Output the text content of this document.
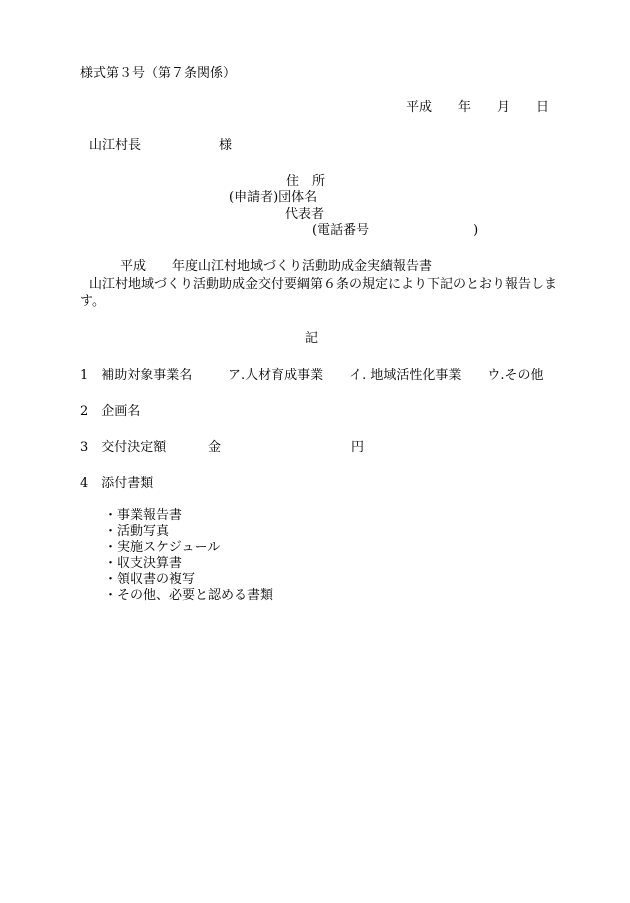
様式第３号（第７条関係）

平成　　年　　月　　日

山江村長　　　　　　様

住　所

(申請者)団体名

代表者

(電話番号　　　　　　　　)

平成　　年度山江村地域づくり活動助成金実績報告書

山江村地域づくり活動助成金交付要綱第６条の規定により下記のとおり報告しま

す。

記

1　補助対象事業名	ア.人材育成事業　　イ. 地域活性化事業　　ウ.その他

2　企画名

3　交付決定額	金　　　　　　　　　　円

4　添付書類

・ 事業報告書
・ 活動写真
・ 実施スケジュール
・ 収支決算書
・ 領収書の複写
・ その他、必要と認める書類
